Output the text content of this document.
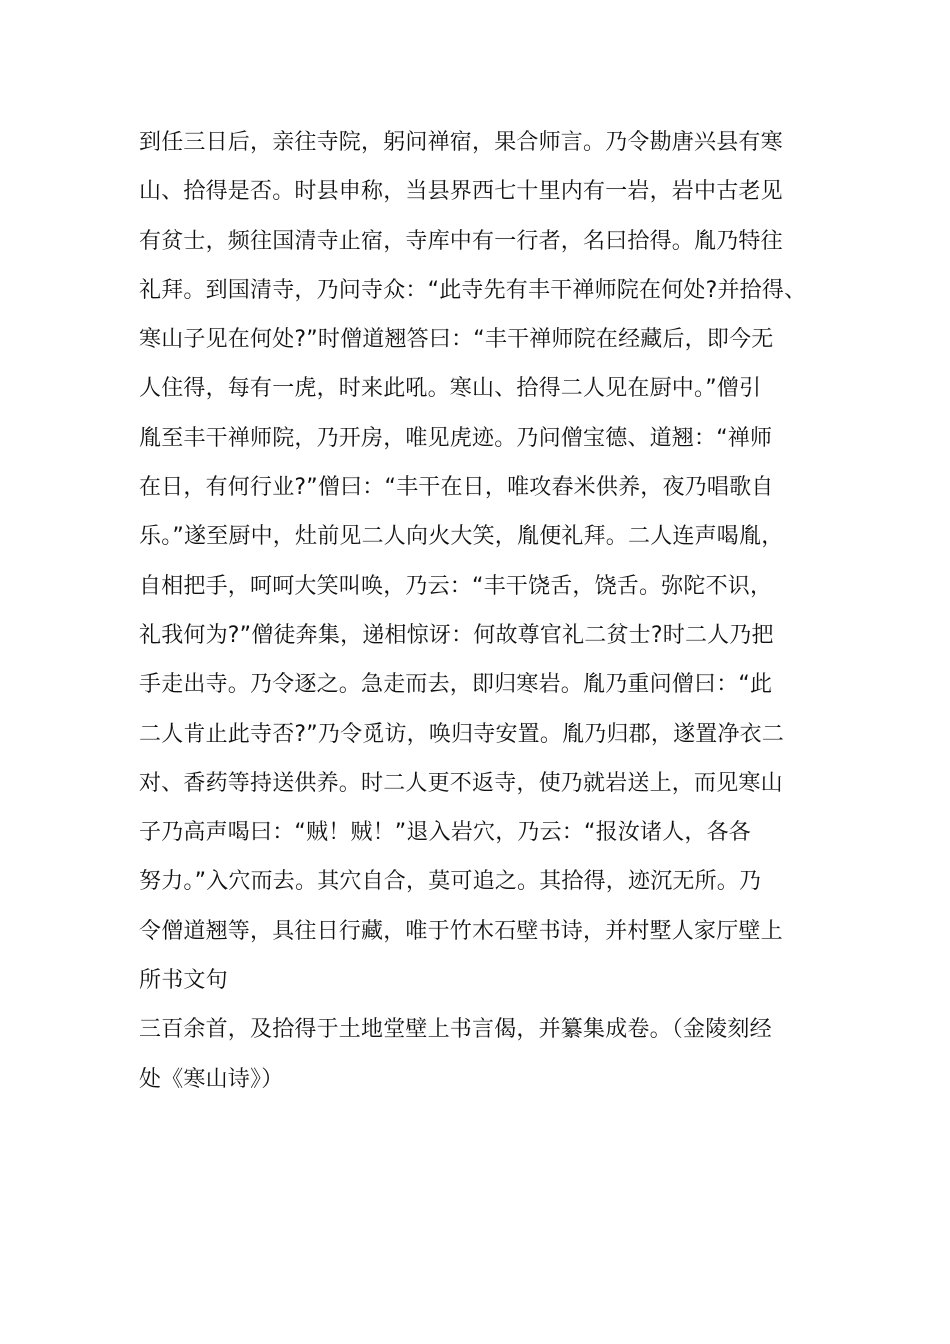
到任三日后，亲往寺院，躬问禅宿，果合师言。乃令勘唐兴县有寒
山、拾得是否。时县申称，当县界西七十里内有一岩，岩中古老见
有贫士，频往国清寺止宿，寺库中有一行者，名曰拾得。胤乃特往
礼拜。到国清寺，乃问寺众：“此寺先有丰干禅师院在何处?并拾得、
寒山子见在何处?”时僧道翘答曰：“丰干禅师院在经藏后，即今无
人住得，每有一虎，时来此吼。寒山、拾得二人见在厨中。”僧引
胤至丰干禅师院，乃开房，唯见虎迹。乃问僧宝德、道翘：“禅师
在日，有何行业?”僧曰：“丰干在日，唯攻舂米供养，夜乃唱歌自
乐。”遂至厨中，灶前见二人向火大笑，胤便礼拜。二人连声喝胤，
自相把手，呵呵大笑叫唤，乃云：“丰干饶舌，饶舌。弥陀不识，
礼我何为?”僧徒奔集，递相惊讶：何故尊官礼二贫士?时二人乃把
手走出寺。乃令逐之。急走而去，即归寒岩。胤乃重问僧曰：“此
二人肯止此寺否?”乃令觅访，唤归寺安置。胤乃归郡，遂置净衣二
对、香药等持送供养。时二人更不返寺，使乃就岩送上，而见寒山
子乃高声喝曰：“贼！贼！”退入岩穴，乃云：“报汝诸人，各各
努力。”入穴而去。其穴自合，莫可追之。其拾得，迹沉无所。乃
令僧道翘等，具往日行藏，唯于竹木石壁书诗，并村墅人家厅壁上
所书文句
三百余首，及拾得于土地堂壁上书言偈，并纂集成卷。（金陵刻经
处《寒山诗》）
